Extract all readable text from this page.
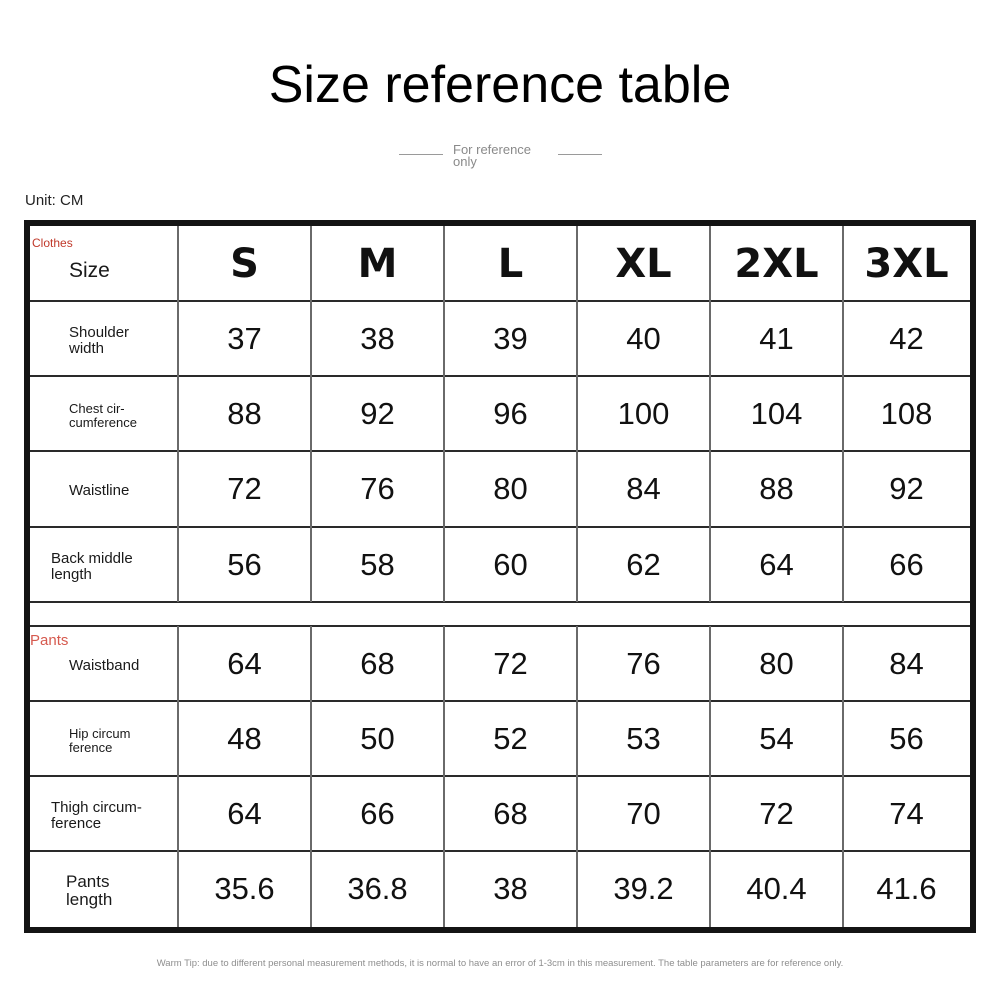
Size reference table
For reference only
Unit: CM
Size	S	M	L	XL	2XL	3XL
Shoulder
width	37	38	39	40	41	42
Chest cir-
cumference	88	92	96	100	104	108
Waistline	72	76	80	84	88	92
Back middle
length	56	58	60	62	64	66
Waistband	64	68	72	76	80	84
Hip circum
ference	48	50	52	53	54	56
Thigh circum-
ference	64	66	68	70	72	74
Pants
length	35.6	36.8	38	39.2	40.4	41.6
Clothes
Pants
Warm Tip: due to different personal measurement methods, it is normal to have an error of 1-3cm in this measurement. The table parameters are for reference only.
